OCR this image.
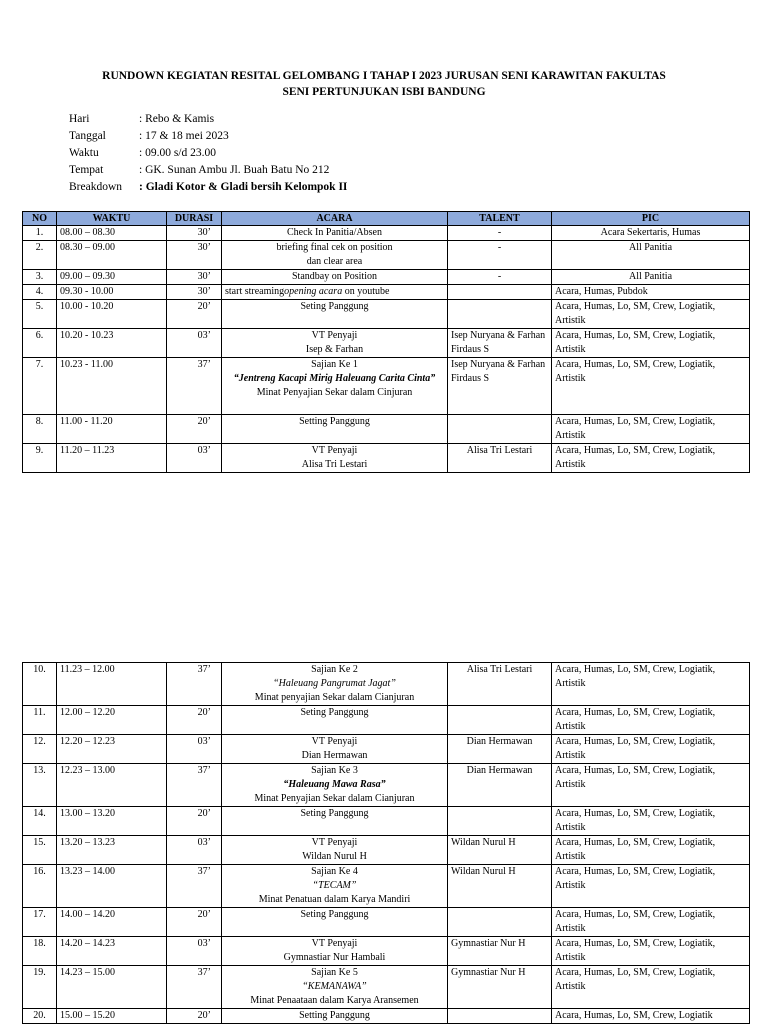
RUNDOWN KEGIATAN RESITAL GELOMBANG I TAHAP I 2023 JURUSAN SENI KARAWITAN FAKULTAS
SENI PERTUNJUKAN ISBI BANDUNG
Hari	: Rebo & Kamis
Tanggal	: 17 & 18 mei 2023
Waktu	: 09.00 s/d 23.00
Tempat	: GK. Sunan Ambu Jl. Buah Batu No 212
Breakdown	: Gladi Kotor & Gladi bersih Kelompok II
NO	WAKTU	DURASI	ACARA	TALENT	PIC
1.	08.00 – 08.30	30’	Check In Panitia/Absen	-	Acara Sekertaris, Humas
2.	08.30 – 09.00	30’	briefing final cek on position
dan clear area	-	All Panitia
3.	09.00 – 09.30	30’	Standbay on Position	-	All Panitia
4.	09.30 - 10.00	30’	start streamingopening acara on youtube		Acara, Humas, Pubdok
5.	10.00 - 10.20	20’	Seting Panggung		Acara, Humas, Lo, SM, Crew, Logiatik, Artistik
6.	10.20 - 10.23	03’	VT Penyaji
Isep & Farhan	Isep Nuryana & Farhan Firdaus S	Acara, Humas, Lo, SM, Crew, Logiatik, Artistik
7.	10.23 - 11.00	37’	Sajian Ke 1
“Jentreng Kacapi Mirig Haleuang Carita Cinta”
Minat Penyajian Sekar dalam Cinjuran	Isep Nuryana & Farhan Firdaus S	Acara, Humas, Lo, SM, Crew, Logiatik, Artistik
8.	11.00 - 11.20	20’	Setting Panggung		Acara, Humas, Lo, SM, Crew, Logiatik, Artistik
9.	11.20 – 11.23	03’	VT Penyaji
Alisa Tri Lestari	Alisa Tri Lestari	Acara, Humas, Lo, SM, Crew, Logiatik, Artistik
10.	11.23 – 12.00	37’	Sajian Ke 2
“Haleuang Pangrumat Jagat”
Minat penyajian Sekar dalam Cianjuran	Alisa Tri Lestari	Acara, Humas, Lo, SM, Crew, Logiatik, Artistik
11.	12.00 – 12.20	20’	Seting Panggung		Acara, Humas, Lo, SM, Crew, Logiatik, Artistik
12.	12.20 – 12.23	03’	VT Penyaji
Dian Hermawan	Dian Hermawan	Acara, Humas, Lo, SM, Crew, Logiatik, Artistik
13.	12.23 – 13.00	37’	Sajian Ke 3
“Haleuang Mawa Rasa”
Minat Penyajian Sekar dalam Cianjuran	Dian Hermawan	Acara, Humas, Lo, SM, Crew, Logiatik, Artistik
14.	13.00 – 13.20	20’	Seting Panggung		Acara, Humas, Lo, SM, Crew, Logiatik, Artistik
15.	13.20 – 13.23	03’	VT Penyaji
Wildan Nurul H	Wildan Nurul H	Acara, Humas, Lo, SM, Crew, Logiatik, Artistik
16.	13.23 – 14.00	37’	Sajian Ke 4
“TECAM”
Minat Penatuan dalam Karya Mandiri	Wildan Nurul H	Acara, Humas, Lo, SM, Crew, Logiatik, Artistik
17.	14.00 – 14.20	20’	Seting Panggung		Acara, Humas, Lo, SM, Crew, Logiatik, Artistik
18.	14.20 – 14.23	03’	VT Penyaji
Gymnastiar Nur Hambali	Gymnastiar Nur H	Acara, Humas, Lo, SM, Crew, Logiatik, Artistik
19.	14.23 – 15.00	37’	Sajian Ke 5
“KEMANAWA”
Minat Penaataan dalam Karya Aransemen	Gymnastiar Nur H	Acara, Humas, Lo, SM, Crew, Logiatik, Artistik
20.	15.00 – 15.20	20’	Setting Panggung		Acara, Humas, Lo, SM, Crew, Logiatik
